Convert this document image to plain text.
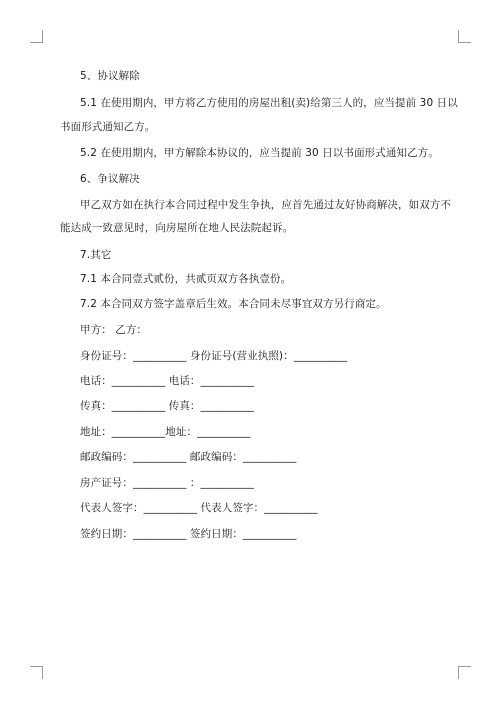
5、协议解除
5.1 在使用期内，甲方将乙方使用的房屋出租(卖)给第三人的，应当提前 30 日以
书面形式通知乙方。
5.2 在使用期内，甲方解除本协议的，应当提前 30 日以书面形式通知乙方。
6、争议解决
甲乙双方如在执行本合同过程中发生争执，应首先通过友好协商解决，如双方不
能达成一致意见时，向房屋所在地人民法院起诉。
7.其它
7.1 本合同壹式贰份，共贰页双方各执壹份。
7.2 本合同双方签字盖章后生效。本合同未尽事宜双方另行商定。
甲方： 乙方：
身份证号：__________ 身份证号(营业执照)：__________
电话：__________ 电话：__________
传真：__________ 传真：__________
地址：__________地址：__________
邮政编码：__________ 邮政编码：__________
房产证号：__________ ：__________
代表人签字：__________ 代表人签字：__________
签约日期：__________ 签约日期：__________
